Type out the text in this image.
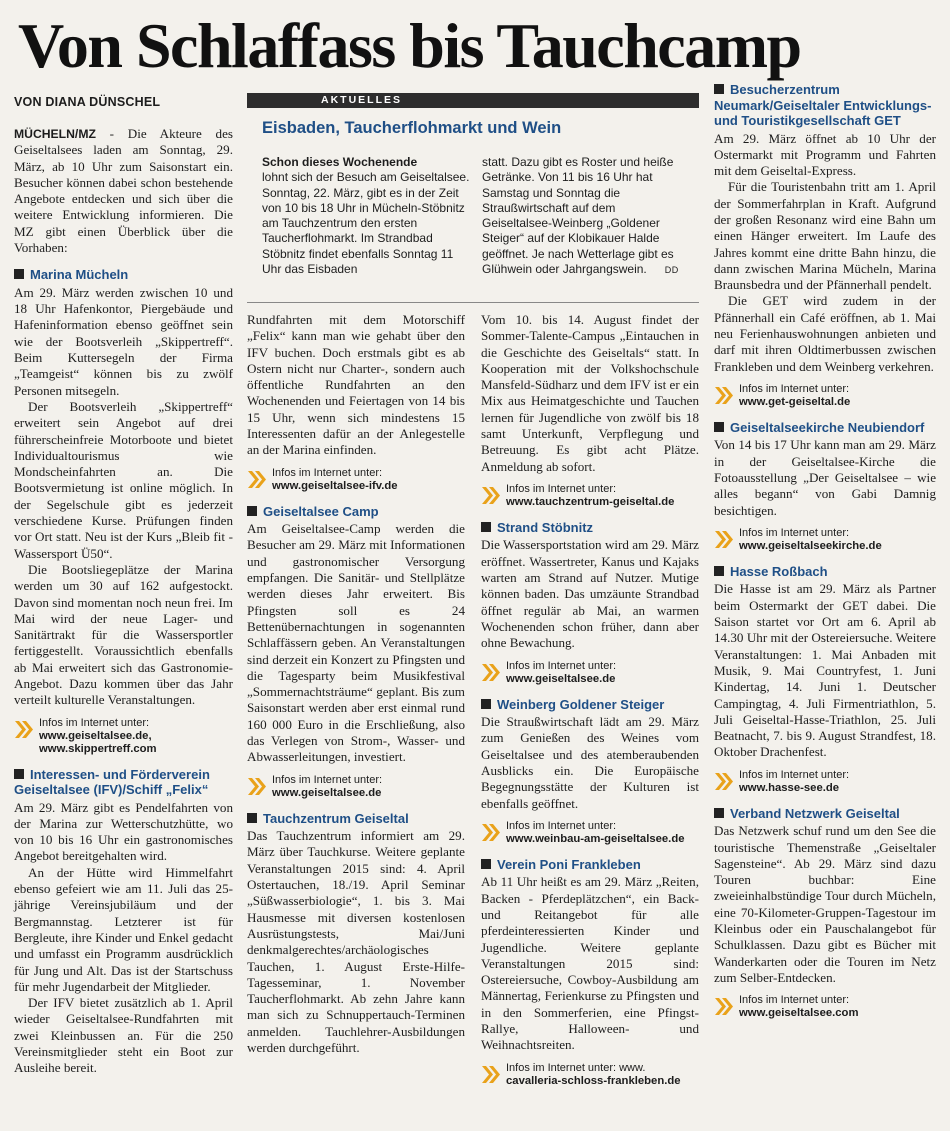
Von Schlaffass bis Tauchcamp
VON DIANA DÜNSCHEL

MÜCHELN/MZ - Die Akteure des Geiseltalsees laden am Sonntag, 29. März, ab 10 Uhr zum Saisonstart ein. Besucher können dabei schon bestehende Angebote entdecken und sich über die weitere Entwicklung informieren. Die MZ gibt einen Überblick über die Vorhaben:

Marina Mücheln

Am 29. März werden zwischen 10 und 18 Uhr Hafenkontor, Piergebäude und Hafeninformation ebenso geöffnet sein wie der Bootsverleih „Skippertreff“. Beim Kuttersegeln der Firma „Teamgeist“ können bis zu zwölf Personen mitsegeln.

Der Bootsverleih „Skippertreff“ erweitert sein Angebot auf drei führerscheinfreie Motorboote und bietet Individualtourismus wie Mondscheinfahrten an. Die Bootsvermietung ist online möglich. In der Segelschule gibt es jederzeit verschiedene Kurse. Prüfungen finden vor Ort statt. Neu ist der Kurs „Bleib fit - Wassersport Ü50“.

Die Bootsliegeplätze der Marina werden um 30 auf 162 aufgestockt. Davon sind momentan noch neun frei. Im Mai wird der neue Lager- und Sanitärtrakt für die Wassersportler fertiggestellt. Voraussichtlich ebenfalls ab Mai erweitert sich das Gastronomie-Angebot. Dazu kommen über das Jahr verteilt kulturelle Veranstaltungen.

Infos im Internet unter:
www.geiseltalsee.de, www.skippertreff.com
Interessen- und Förderverein Geiseltalsee (IFV)/Schiff „Felix“

Am 29. März gibt es Pendelfahrten von der Marina zur Wetterschutzhütte, wo von 10 bis 16 Uhr ein gastronomisches Angebot bereitgehalten wird.

An der Hütte wird Himmelfahrt ebenso gefeiert wie am 11. Juli das 25-jährige Vereinsjubiläum und der Bergmannstag. Letzterer ist für Bergleute, ihre Kinder und Enkel gedacht und umfasst ein Programm ausdrücklich für Jung und Alt. Das ist der Startschuss für mehr Jugendarbeit der Mitglieder.

Der IFV bietet zusätzlich ab 1. April wieder Geiseltalsee-Rundfahrten mit zwei Kleinbussen an. Für die 250 Vereinsmitglieder steht ein Boot zur Ausleihe bereit.

AKTUELLES
Eisbaden, Taucherflohmarkt und Wein
Schon dieses Wochenende
lohnt sich der Besuch am Geiseltalsee. Sonntag, 22. März, gibt es in der Zeit von 10 bis 18 Uhr in Mücheln-Stöbnitz am Tauchzentrum den ersten Taucherflohmarkt. Im Strandbad Stöbnitz findet ebenfalls Sonntag 11 Uhr das Eisbaden
statt. Dazu gibt es Roster und heiße Getränke. Von 11 bis 16 Uhr hat Samstag und Sonntag die Straußwirtschaft auf dem Geiseltalsee-Weinberg „Goldener Steiger“ auf der Klobikauer Halde geöffnet. Je nach Wetterlage gibt es Glühwein oder Jahrgangswein. DD

Rundfahrten mit dem Motorschiff „Felix“ kann man wie gehabt über den IFV buchen. Doch erstmals gibt es ab Ostern nicht nur Charter-, sondern auch öffentliche Rundfahrten an den Wochenenden und Feiertagen von 14 bis 15 Uhr, wenn sich mindestens 15 Interessenten dafür an der Anlegestelle an der Marina einfinden.

Infos im Internet unter:
www.geiseltalsee-ifv.de
Geiseltalsee Camp

Am Geiseltalsee-Camp werden die Besucher am 29. März mit Informationen und gastronomischer Versorgung empfangen. Die Sanitär- und Stellplätze werden dieses Jahr erweitert. Bis Pfingsten soll es 24 Bettenübernachtungen in sogenannten Schlaffässern geben. An Veranstaltungen sind derzeit ein Konzert zu Pfingsten und die Tagesparty beim Musikfestival „Sommernachtsträume“ geplant. Bis zum Saisonstart werden aber erst einmal rund 160 000 Euro in die Erschließung, also das Verlegen von Strom-, Wasser- und Abwasserleitungen, investiert.

Infos im Internet unter:
www.geiseltalsee.de
Tauchzentrum Geiseltal

Das Tauchzentrum informiert am 29. März über Tauchkurse. Weitere geplante Veranstaltungen 2015 sind: 4. April Ostertauchen, 18./19. April Seminar „Süßwasserbiologie“, 1. bis 3. Mai Hausmesse mit diversen kostenlosen Ausrüstungstests, Mai/Juni denkmalgerechtes/archäologisches Tauchen, 1. August Erste-Hilfe-Tagesseminar, 1. November Taucherflohmarkt. Ab zehn Jahre kann man sich zu Schnuppertauch-Terminen anmelden. Tauchlehrer-Ausbildungen werden durchgeführt.

Vom 10. bis 14. August findet der Sommer-Talente-Campus „Eintauchen in die Geschichte des Geiseltals“ statt. In Kooperation mit der Volkshochschule Mansfeld-Südharz und dem IFV ist er ein Mix aus Heimatgeschichte und Tauchen lernen für Jugendliche von zwölf bis 18 samt Unterkunft, Verpflegung und Betreuung. Es gibt acht Plätze. Anmeldung ab sofort.

Infos im Internet unter:
www.tauchzentrum-geiseltal.de
Strand Stöbnitz

Die Wassersportstation wird am 29. März eröffnet. Wassertreter, Kanus und Kajaks warten am Strand auf Nutzer. Mutige können baden. Das umzäunte Strandbad öffnet regulär ab Mai, an warmen Wochenenden schon früher, dann aber ohne Bewachung.

Infos im Internet unter:
www.geiseltalsee.de
Weinberg Goldener Steiger

Die Straußwirtschaft lädt am 29. März zum Genießen des Weines vom Geiseltalsee und des atemberaubenden Ausblicks ein. Die Europäische Begegnungsstätte der Kulturen ist ebenfalls geöffnet.

Infos im Internet unter:
www.weinbau-am-geiseltalsee.de
Verein Poni Frankleben

Ab 11 Uhr heißt es am 29. März „Reiten, Backen - Pferdeplätzchen“, ein Back- und Reitangebot für alle pferdeinteressierten Kinder und Jugendliche. Weitere geplante Veranstaltungen 2015 sind: Ostereiersuche, Cowboy-Ausbildung am Männertag, Ferienkurse zu Pfingsten und in den Sommerferien, eine Pfingst-Rallye, Halloween- und Weihnachtsreiten.

Infos im Internet unter: www.
cavalleria-schloss-frankleben.de
Besucherzentrum Neumark/Geiseltaler Entwicklungs- und Touristikgesellschaft GET

Am 29. März öffnet ab 10 Uhr der Ostermarkt mit Programm und Fahrten mit dem Geiseltal-Express.

Für die Touristenbahn tritt am 1. April der Sommerfahrplan in Kraft. Aufgrund der großen Resonanz wird eine Bahn um einen Hänger erweitert. Im Laufe des Jahres kommt eine dritte Bahn hinzu, die dann zwischen Marina Mücheln, Marina Braunsbedra und der Pfännerhall pendelt.

Die GET wird zudem in der Pfännerhall ein Café eröffnen, ab 1. Mai neu Ferienhauswohnungen anbieten und darf mit ihren Oldtimerbussen zwischen Frankleben und dem Weinberg verkehren.

Infos im Internet unter:
www.get-geiseltal.de
Geiseltalseekirche Neubiendorf

Von 14 bis 17 Uhr kann man am 29. März in der Geiseltalsee-Kirche die Fotoausstellung „Der Geiseltalsee – wie alles begann“ von Gabi Damnig besichtigen.

Infos im Internet unter:
www.geiseltalseekirche.de
Hasse Roßbach

Die Hasse ist am 29. März als Partner beim Ostermarkt der GET dabei. Die Saison startet vor Ort am 6. April ab 14.30 Uhr mit der Ostereiersuche. Weitere Veranstaltungen: 1. Mai Anbaden mit Musik, 9. Mai Countryfest, 1. Juni Kindertag, 14. Juni 1. Deutscher Campingtag, 4. Juli Firmentriathlon, 5. Juli Geiseltal-Hasse-Triathlon, 25. Juli Beatnacht, 7. bis 9. August Strandfest, 18. Oktober Drachenfest.

Infos im Internet unter:
www.hasse-see.de
Verband Netzwerk Geiseltal

Das Netzwerk schuf rund um den See die touristische Themenstraße „Geiseltaler Sagensteine“. Ab 29. März sind dazu Touren buchbar: Eine zweieinhalbstündige Tour durch Mücheln, eine 70-Kilometer-Gruppen-Tagestour im Kleinbus oder ein Pauschalangebot für Schulklassen. Dazu gibt es Bücher mit Wanderkarten oder die Touren im Netz zum Selber-Entdecken.

Infos im Internet unter:
www.geiseltalsee.com
